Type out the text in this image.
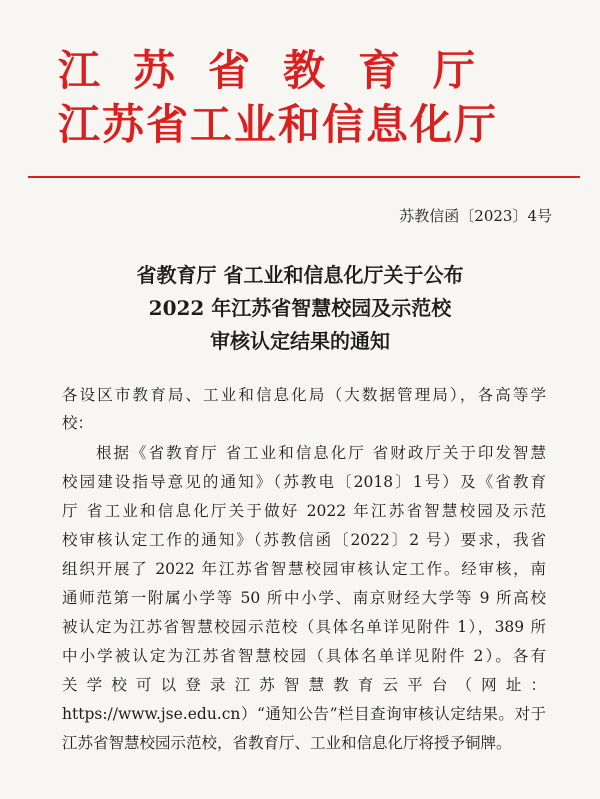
江苏省教育厅
江苏省工业和信息化厅
苏教信函〔2023〕4号
省教育厅 省工业和信息化厅关于公布
2022 年江苏省智慧校园及示范校
审核认定结果的通知
各设区市教育局、工业和信息化局（大数据管理局），各高等学
校：
根据《省教育厅 省工业和信息化厅 省财政厅关于印发智慧
校园建设指导意见的通知》（苏教电〔2018〕1号）及《省教育
厅 省工业和信息化厅关于做好 2022 年江苏省智慧校园及示范
校审核认定工作的通知》（苏教信函〔2022〕2 号）要求，我省
组织开展了 2022 年江苏省智慧校园审核认定工作。经审核，南
通师范第一附属小学等 50 所中小学、南京财经大学等 9 所高校
被认定为江苏省智慧校园示范校（具体名单详见附件 1），389 所
中小学被认定为江苏省智慧校园（具体名单详见附件 2）。各有
关学校可以登录江苏智慧教育云平台（网址：
https://www.jse.edu.cn）“通知公告”栏目查询审核认定结果。对于
江苏省智慧校园示范校，省教育厅、工业和信息化厅将授予铜牌。
